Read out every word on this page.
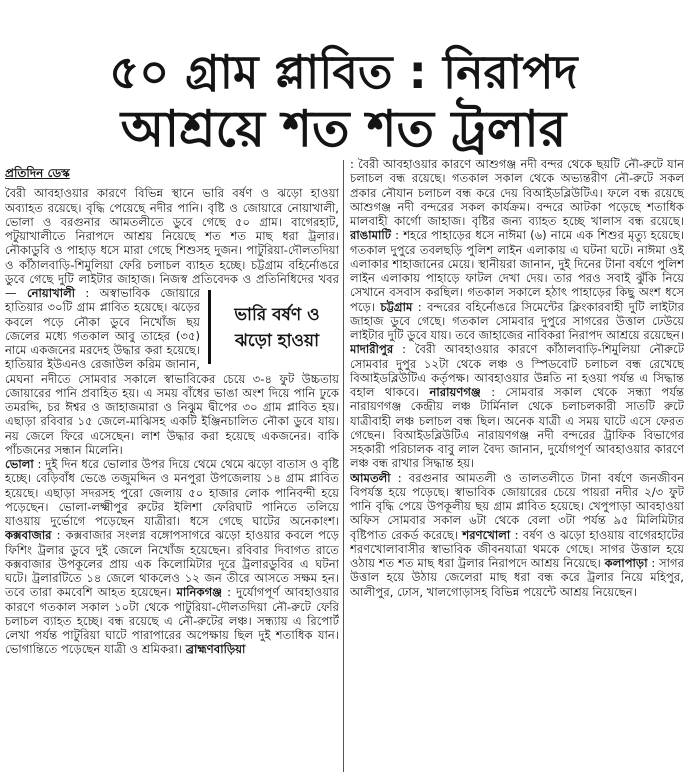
৫০ গ্রাম প্লাবিত : নিরাপদ
আশ্রয়ে শত শত ট্রলার
প্রতিদিন ডেস্ক

বৈরী আবহাওয়ার কারণে বিভিন্ন স্থানে ভারি বর্ষণ ও ঝড়ো হাওয়া অব্যাহত রয়েছে। বৃদ্ধি পেয়েছে নদীর পানি। বৃষ্টি ও জোয়ারে নোয়াখালী, ভোলা ও বরগুনার আমতলীতে ডুবে গেছে ৫০ গ্রাম। বাগেরহাট, পটুয়াখালীতে নিরাপদে আশ্রয় নিয়েছে শত শত মাছ ধরা ট্রলার। নৌকাডুবি ও পাহাড় ধসে মারা গেছে শিশুসহ দুজন। পাটুরিয়া-দৌলতদিয়া ও কাঁঠালবাড়ি-শিমুলিয়া ফেরি চলাচল ব্যাহত হচ্ছে। চট্টগ্রাম বহির্নোঙরে ডুবে গেছে দুটি লাইটার জাহাজ। নিজস্ব প্রতিবেদক ও প্রতিনিধিদের খবর—
ভারি বর্ষণ ও
ঝড়ো হাওয়া
নোয়াখালী : অস্বাভাবিক জোয়ারে হাতিয়ার ৩০টি গ্রাম প্লাবিত হয়েছে। ঝড়ের কবলে পড়ে নৌকা ডুবে নিখোঁজ ছয় জেলের মধ্যে গতকাল আবু তাহের (৩৫) নামে একজনের মরদেহ উদ্ধার করা হয়েছে। হাতিয়ার ইউএনও রেজাউল করিম জানান, মেঘনা নদীতে সোমবার সকালে স্বাভাবিকের চেয়ে ৩-৪ ফুট উচ্চতায় জোয়ারের পানি প্রবাহিত হয়। এ সময় বাঁধের ভাঙা অংশ দিয়ে পানি ঢুকে তমরদ্দি, চর ঈশ্বর ও জাহাজমারা ও নিঝুম দ্বীপের ৩০ গ্রাম প্লাবিত হয়। এছাড়া রবিবার ১৫ জেলে-মাঝিসহ একটি ইঞ্জিনচালিত নৌকা ডুবে যায়। নয় জেলে ফিরে এসেছেন। লাশ উদ্ধার করা হয়েছে একজনের। বাকি পাঁচজনের সন্ধান মিলেনি।

ভোলা : দুই দিন ধরে ভোলার উপর দিয়ে থেমে থেমে ঝড়ো বাতাস ও বৃষ্টি হচ্ছে। বেড়িবাঁধ ভেঙে তজুমদ্দিন ও মনপুরা উপজেলায় ১৪ গ্রাম প্লাবিত হয়েছে। এছাড়া সদরসহ পুরো জেলায় ৫০ হাজার লোক পানিবন্দী হয়ে পড়েছেন। ভোলা-লক্ষ্মীপুর রুটের ইলিশা ফেরিঘাট পানিতে তলিয়ে যাওয়ায় দুর্ভোগে পড়েছেন যাত্রীরা। ধসে গেছে ঘাটের অনেকাংশ। কক্সবাজার : কক্সবাজার সংলগ্ন বঙ্গোপসাগরে ঝড়ো হাওয়ার কবলে পড়ে ফিশিং ট্রলার ডুবে দুই জেলে নিখোঁজ হয়েছেন। রবিবার দিবাগত রাতে কক্সবাজার উপকূলের প্রায় এক কিলোমিটার দূরে ট্রলারডুবির এ ঘটনা ঘটে। ট্রলারটিতে ১৪ জেলে থাকলেও ১২ জন তীরে আসতে সক্ষম হন। তবে তারা কমবেশি আহত হয়েছেন। মানিকগঞ্জ : দুর্যোগপূর্ণ আবহাওয়ার কারণে গতকাল সকাল ১০টা থেকে পাটুরিয়া-দৌলতদিয়া নৌ-রুটে ফেরি চলাচল ব্যাহত হচ্ছে। বন্ধ রয়েছে এ নৌ-রুটের লঞ্চ। সন্ধ্যায় এ রিপোর্ট লেখা পর্যন্ত পাটুরিয়া ঘাটে পারাপারের অপেক্ষায় ছিল দুই শতাধিক যান। ভোগান্তিতে পড়েছেন যাত্রী ও শ্রমিকরা। ব্রাহ্মণবাড়িয়া

: বৈরী আবহাওয়ার কারণে আশুগঞ্জ নদী বন্দর থেকে ছয়টি নৌ-রুটে যান চলাচল বন্ধ রয়েছে। গতকাল সকাল থেকে অভ্যন্তরীণ নৌ-রুটে সকল প্রকার নৌযান চলাচল বন্ধ করে দেয় বিআইডব্লিউটিএ। ফলে বন্ধ রয়েছে আশুগঞ্জ নদী বন্দরের সকল কার্যক্রম। বন্দরে আটকা পড়েছে শতাধিক মালবাহী কার্গো জাহাজ। বৃষ্টির জন্য ব্যাহত হচ্ছে খালাস বন্ধ রয়েছে। রাঙামাটি : শহরে পাহাড়ের ধসে নাঈমা (৬) নামে এক শিশুর মৃত্যু হয়েছে। গতকাল দুপুরে তবলছড়ি পুলিশ লাইন এলাকায় এ ঘটনা ঘটে। নাঈমা ওই এলাকার শাহাজানের মেয়ে। স্থানীয়রা জানান, দুই দিনের টানা বর্ষণে পুলিশ লাইন এলাকায় পাহাড়ে ফাটল দেখা দেয়। তার পরও সবাই ঝুঁকি নিয়ে সেখানে বসবাস করছিল। গতকাল সকালে হঠাৎ পাহাড়ের কিছু অংশ ধসে পড়ে। চট্টগ্রাম : বন্দরের বহির্নোঙরে সিমেন্টের ক্লিংকারবাহী দুটি লাইটার জাহাজ ডুবে গেছে। গতকাল সোমবার দুপুরে সাগরের উত্তাল ঢেউয়ে লাইটার দুটি ডুবে যায়। তবে জাহাজের নাবিকরা নিরাপদ আশ্রয়ে রয়েছেন।

মাদারীপুর : বৈরী আবহাওয়ার কারণে কাঁঠালবাড়ি-শিমুলিয়া নৌরুটে সোমবার দুপুর ১২টা থেকে লঞ্চ ও স্পিডবোট চলাচল বন্ধ রেখেছে বিআইডব্লিউটিএ কর্তৃপক্ষ। আবহাওয়ার উন্নতি না হওয়া পর্যন্ত এ সিদ্ধান্ত বহাল থাকবে। নারায়ণগঞ্জ : সোমবার সকাল থেকে সন্ধ্যা পর্যন্ত নারায়ণগঞ্জ কেন্দ্রীয় লঞ্চ টার্মিনাল থেকে চলাচলকারী সাতটি রুটে যাত্রীবাহী লঞ্চ চলাচল বন্ধ ছিল। অনেক যাত্রী এ সময় ঘাটে এসে ফেরত গেছেন। বিআইডব্লিউটিএ নারায়ণগঞ্জ নদী বন্দরের ট্রাফিক বিভাগের সহকারী পরিচালক বাবু লাল বৈদ্য জানান, দুর্যোগপূর্ণ আবহাওয়ার কারণে লঞ্চ বন্ধ রাখার সিদ্ধান্ত হয়।

আমতলী : বরগুনার আমতলী ও তালতলীতে টানা বর্ষণে জনজীবন বিপর্যস্ত হয়ে পড়েছে। স্বাভাবিক জোয়ারের চেয়ে পায়রা নদীর ২/৩ ফুট পানি বৃদ্ধি পেয়ে উপকূলীয় ছয় গ্রাম প্লাবিত হয়েছে। খেপুপাড়া আবহাওয়া অফিস সোমবার সকাল ৬টা থেকে বেলা ৩টা পর্যন্ত ৯৫ মিলিমিটার বৃষ্টিপাত রেকর্ড করেছে। শরণখোলা : বর্ষণ ও ঝড়ো হাওয়ায় বাগেরহাটের শরণখোলাবাসীর স্বাভাবিক জীবনযাত্রা থমকে গেছে। সাগর উত্তাল হয়ে ওঠায় শত শত মাছ ধরা ট্রলার নিরাপদে আশ্রয় নিয়েছে। কলাপাড়া : সাগর উত্তাল হয়ে উঠায় জেলেরা মাছ ধরা বন্ধ করে ট্রলার নিয়ে মহিপুর, আলীপুর, ঢোস, খালগোড়াসহ বিভিন্ন পয়েন্টে আশ্রয় নিয়েছেন।
